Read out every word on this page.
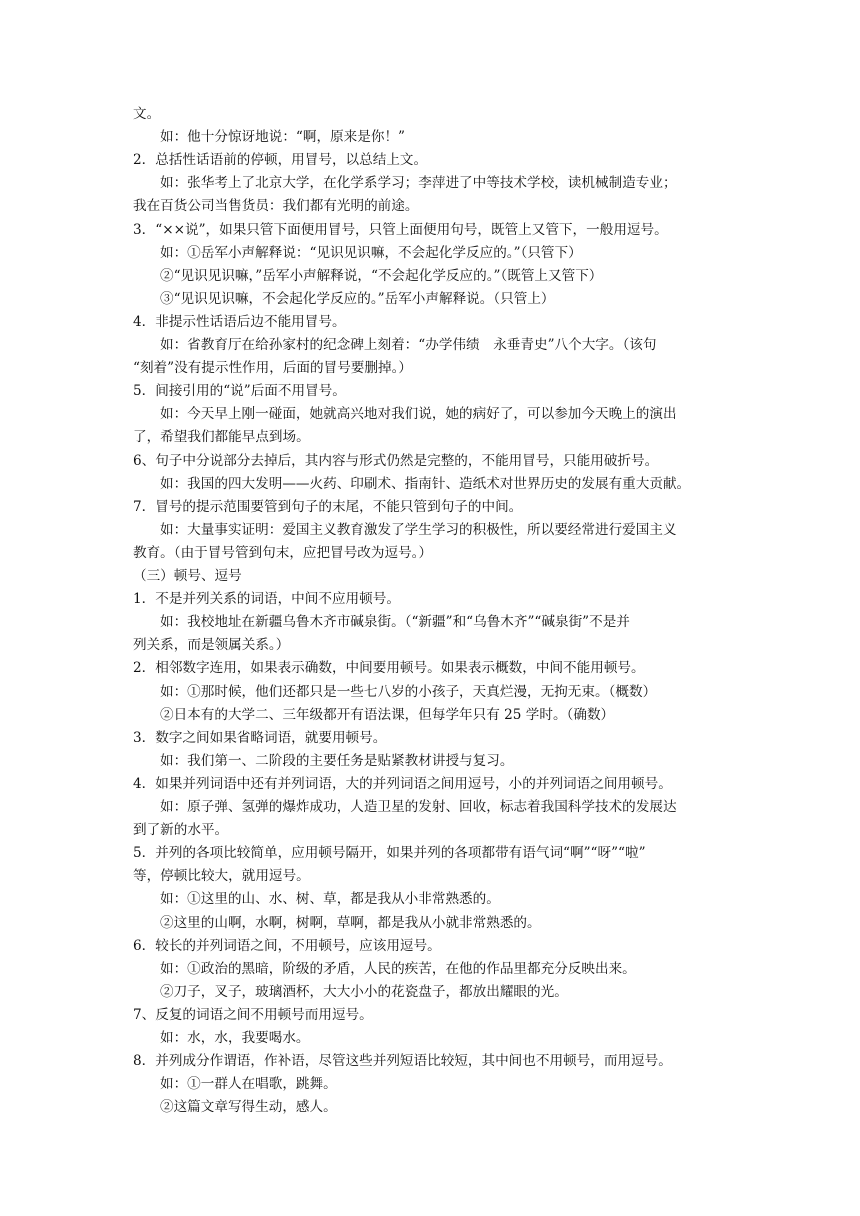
文。
如：他十分惊讶地说：“啊，原来是你！”
2．总括性话语前的停顿，用冒号，以总结上文。
如：张华考上了北京大学，在化学系学习；李萍进了中等技术学校，读机械制造专业；
我在百货公司当售货员：我们都有光明的前途。
3．“××说”，如果只管下面便用冒号，只管上面便用句号，既管上又管下，一般用逗号。
如：①岳军小声解释说：“见识见识嘛，不会起化学反应的。”（只管下）
②“见识见识嘛，”岳军小声解释说，“不会起化学反应的。”（既管上又管下）
③“见识见识嘛，不会起化学反应的。”岳军小声解释说。（只管上）
4．非提示性话语后边不能用冒号。
如：省教育厅在给孙家村的纪念碑上刻着：“办学伟绩　永垂青史”八个大字。（该句
“刻着”没有提示性作用，后面的冒号要删掉。）
5．间接引用的“说”后面不用冒号。
如：今天早上刚一碰面，她就高兴地对我们说，她的病好了，可以参加今天晚上的演出
了，希望我们都能早点到场。
6、句子中分说部分去掉后，其内容与形式仍然是完整的，不能用冒号，只能用破折号。
如：我国的四大发明——火药、印刷术、指南针、造纸术对世界历史的发展有重大贡献。
7．冒号的提示范围要管到句子的末尾，不能只管到句子的中间。
如：大量事实证明：爱国主义教育激发了学生学习的积极性，所以要经常进行爱国主义
教育。（由于冒号管到句末，应把冒号改为逗号。）
（三）顿号、逗号
1．不是并列关系的词语，中间不应用顿号。
如：我校地址在新疆乌鲁木齐市碱泉街。（“新疆”和“乌鲁木齐”“碱泉街”不是并
列关系，而是领属关系。）
2．相邻数字连用，如果表示确数，中间要用顿号。如果表示概数，中间不能用顿号。
如：①那时候，他们还都只是一些七八岁的小孩子，天真烂漫，无拘无束。（概数）
②日本有的大学二、三年级都开有语法课，但每学年只有 25 学时。（确数）
3．数字之间如果省略词语，就要用顿号。
如：我们第一、二阶段的主要任务是贴紧教材讲授与复习。
4．如果并列词语中还有并列词语，大的并列词语之间用逗号，小的并列词语之间用顿号。
如：原子弹、氢弹的爆炸成功，人造卫星的发射、回收，标志着我国科学技术的发展达
到了新的水平。
5．并列的各项比较简单，应用顿号隔开，如果并列的各项都带有语气词“啊”“呀”“啦”
等，停顿比较大，就用逗号。
如：①这里的山、水、树、草，都是我从小非常熟悉的。
②这里的山啊，水啊，树啊，草啊，都是我从小就非常熟悉的。
6．较长的并列词语之间，不用顿号，应该用逗号。
如：①政治的黑暗，阶级的矛盾，人民的疾苦，在他的作品里都充分反映出来。
②刀子，叉子，玻璃酒杯，大大小小的花瓷盘子，都放出耀眼的光。
7、反复的词语之间不用顿号而用逗号。
如：水，水，我要喝水。
8．并列成分作谓语，作补语，尽管这些并列短语比较短，其中间也不用顿号，而用逗号。
如：①一群人在唱歌，跳舞。
②这篇文章写得生动，感人。
